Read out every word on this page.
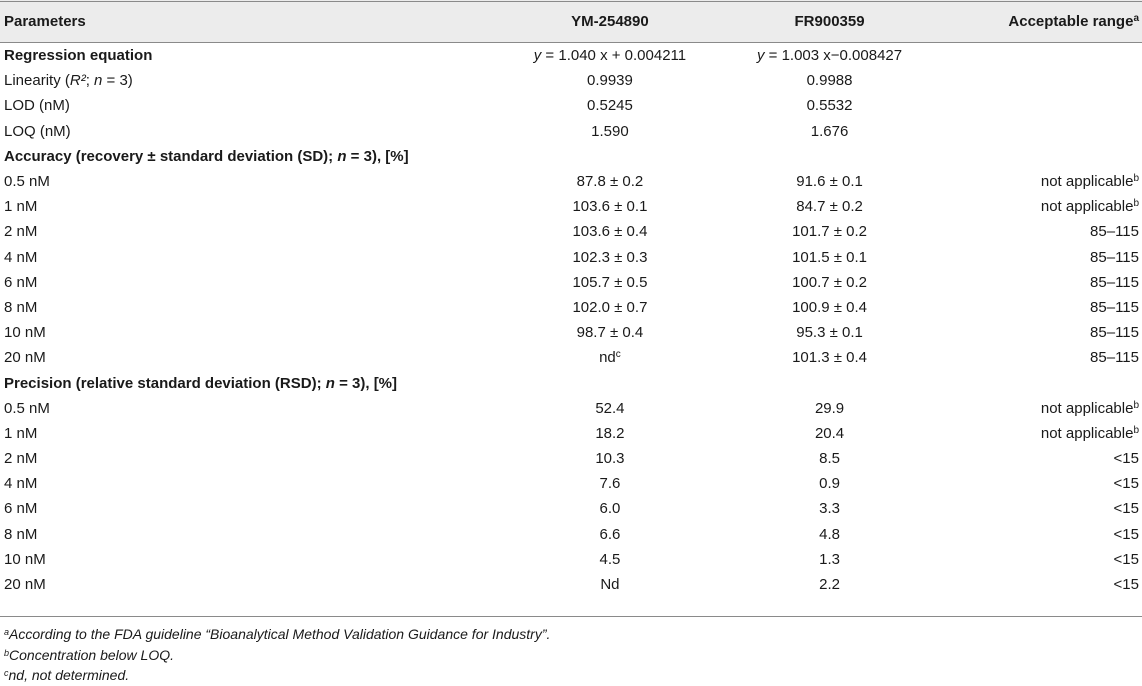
Parameters	YM-254890	FR900359	Acceptable range$^a$
Regression equation	y = 1.040 x + 0.004211	y = 1.003 x−0.008427	
Linearity (R²; n = 3)	0.9939	0.9988	
LOD (nM)	0.5245	0.5532	
LOQ (nM)	1.590	1.676	
Accuracy (recovery ± standard deviation (SD); n = 3), [%]			
0.5 nM	87.8 ± 0.2	91.6 ± 0.1	not applicable$^b$
1 nM	103.6 ± 0.1	84.7 ± 0.2	not applicable$^b$
2 nM	103.6 ± 0.4	101.7 ± 0.2	85–115
4 nM	102.3 ± 0.3	101.5 ± 0.1	85–115
6 nM	105.7 ± 0.5	100.7 ± 0.2	85–115
8 nM	102.0 ± 0.7	100.9 ± 0.4	85–115
10 nM	98.7 ± 0.4	95.3 ± 0.1	85–115
20 nM	$nd^c$	101.3 ± 0.4	85–115
Precision (relative standard deviation (RSD); n = 3), [%]			
0.5 nM	52.4	29.9	not applicable$^b$
1 nM	18.2	20.4	not applicable$^b$
2 nM	10.3	8.5	<15
4 nM	7.6	0.9	<15
6 nM	6.0	3.3	<15
8 nM	6.6	4.8	<15
10 nM	4.5	1.3	<15
20 nM	Nd	2.2	<15
$^a$According to the FDA guideline “Bioanalytical Method Validation Guidance for Industry”.
$^b$Concentration below LOQ.
$^c$nd, not determined.
